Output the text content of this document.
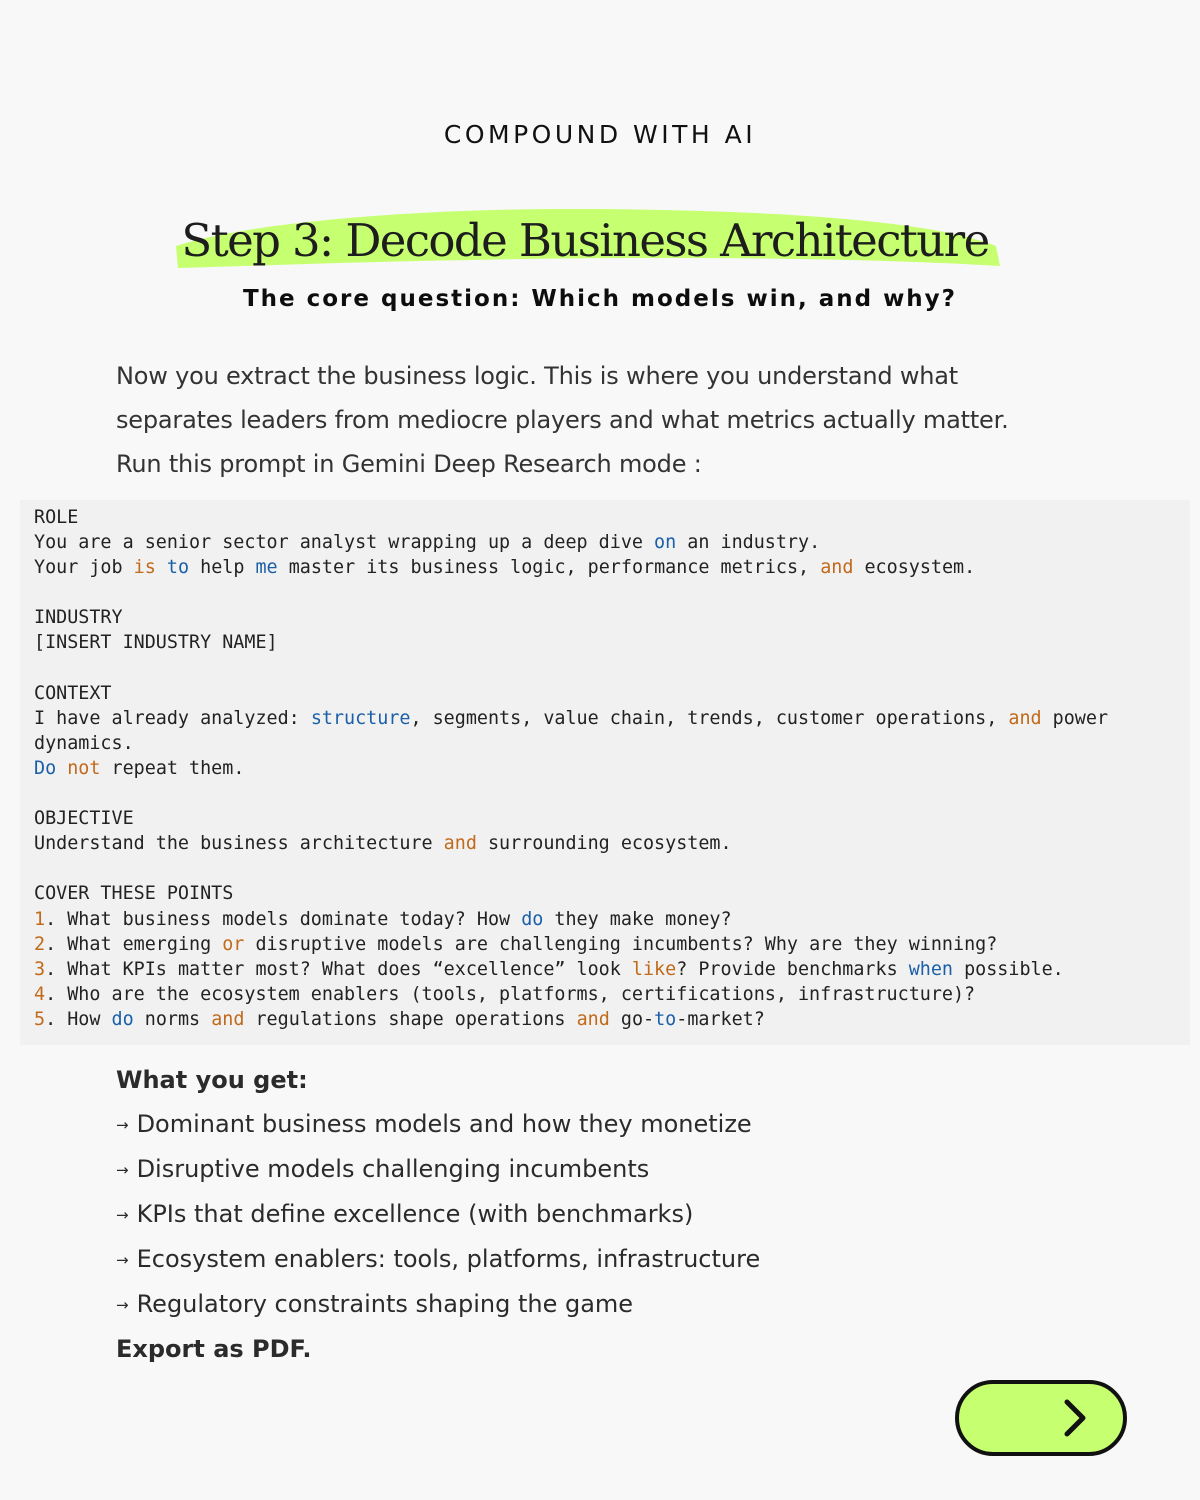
COMPOUND WITH AI
Step 3: Decode Business Architecture
The core question: Which models win, and why?
Now you extract the business logic. This is where you understand what
separates leaders from mediocre players and what metrics actually matter.
Run this prompt in Gemini Deep Research mode :
ROLE
You are a senior sector analyst wrapping up a deep dive on an industry.
Your job is to help me master its business logic, performance metrics, and ecosystem.

INDUSTRY
[INSERT INDUSTRY NAME]

CONTEXT
I have already analyzed: structure, segments, value chain, trends, customer operations, and power
dynamics.
Do not repeat them.

OBJECTIVE
Understand the business architecture and surrounding ecosystem.

COVER THESE POINTS
1. What business models dominate today? How do they make money?
2. What emerging or disruptive models are challenging incumbents? Why are they winning?
3. What KPIs matter most? What does “excellence” look like? Provide benchmarks when possible.
4. Who are the ecosystem enablers (tools, platforms, certifications, infrastructure)?
5. How do norms and regulations shape operations and go-to-market?
What you get:
→ Dominant business models and how they monetize
→ Disruptive models challenging incumbents
→ KPIs that define excellence (with benchmarks)
→ Ecosystem enablers: tools, platforms, infrastructure
→ Regulatory constraints shaping the game
Export as PDF.
